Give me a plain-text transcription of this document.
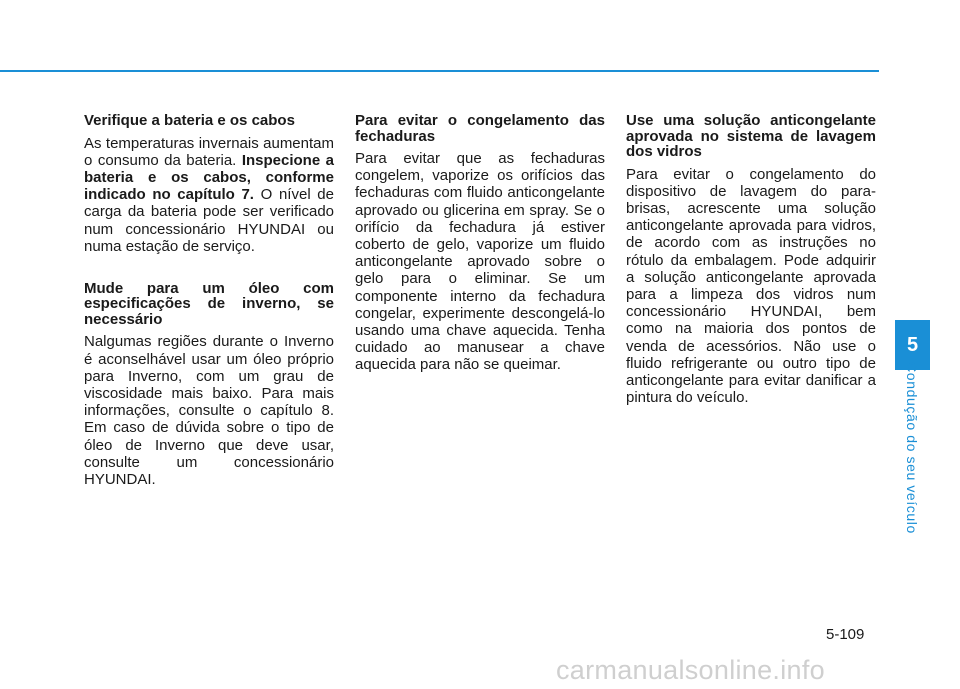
Verifique a bateria e os cabos

As temperaturas invernais aumentam o consumo da bateria. Inspecione a bateria e os cabos, conforme indicado no capítulo 7. O nível de carga da bateria pode ser verificado num concessionário HYUNDAI ou numa estação de serviço.

Mude para um óleo com especificações de inverno, se necessário

Nalgumas regiões durante o Inverno é aconselhável usar um óleo próprio para Inverno, com um grau de viscosidade mais baixo. Para mais informações, consulte o capítulo 8. Em caso de dúvida sobre o tipo de óleo de Inverno que deve usar, consulte um concessionário HYUNDAI.

Para evitar o congelamento das fechaduras

Para evitar que as fechaduras congelem, vaporize os orifícios das fechaduras com fluido anticongelante aprovado ou glicerina em spray. Se o orifício da fechadura já estiver coberto de gelo, vaporize um fluido anticongelante aprovado sobre o gelo para o eliminar. Se um componente interno da fechadura congelar, experimente descongelá-lo usando uma chave aquecida. Tenha cuidado ao manusear a chave aquecida para não se queimar.

Use uma solução anticongelante aprovada no sistema de lavagem dos vidros

Para evitar o congelamento do dispositivo de lavagem do para-brisas, acrescente uma solução anticongelante aprovada para vidros, de acordo com as instruções no rótulo da embalagem. Pode adquirir a solução anticongelante aprovada para a limpeza dos vidros num concessionário HYUNDAI, bem como na maioria dos pontos de venda de acessórios. Não use o fluido refrigerante ou outro tipo de anticongelante para evitar danificar a pintura do veículo.

5
Condução do seu veículo
5-109
carmanualsonline.info
